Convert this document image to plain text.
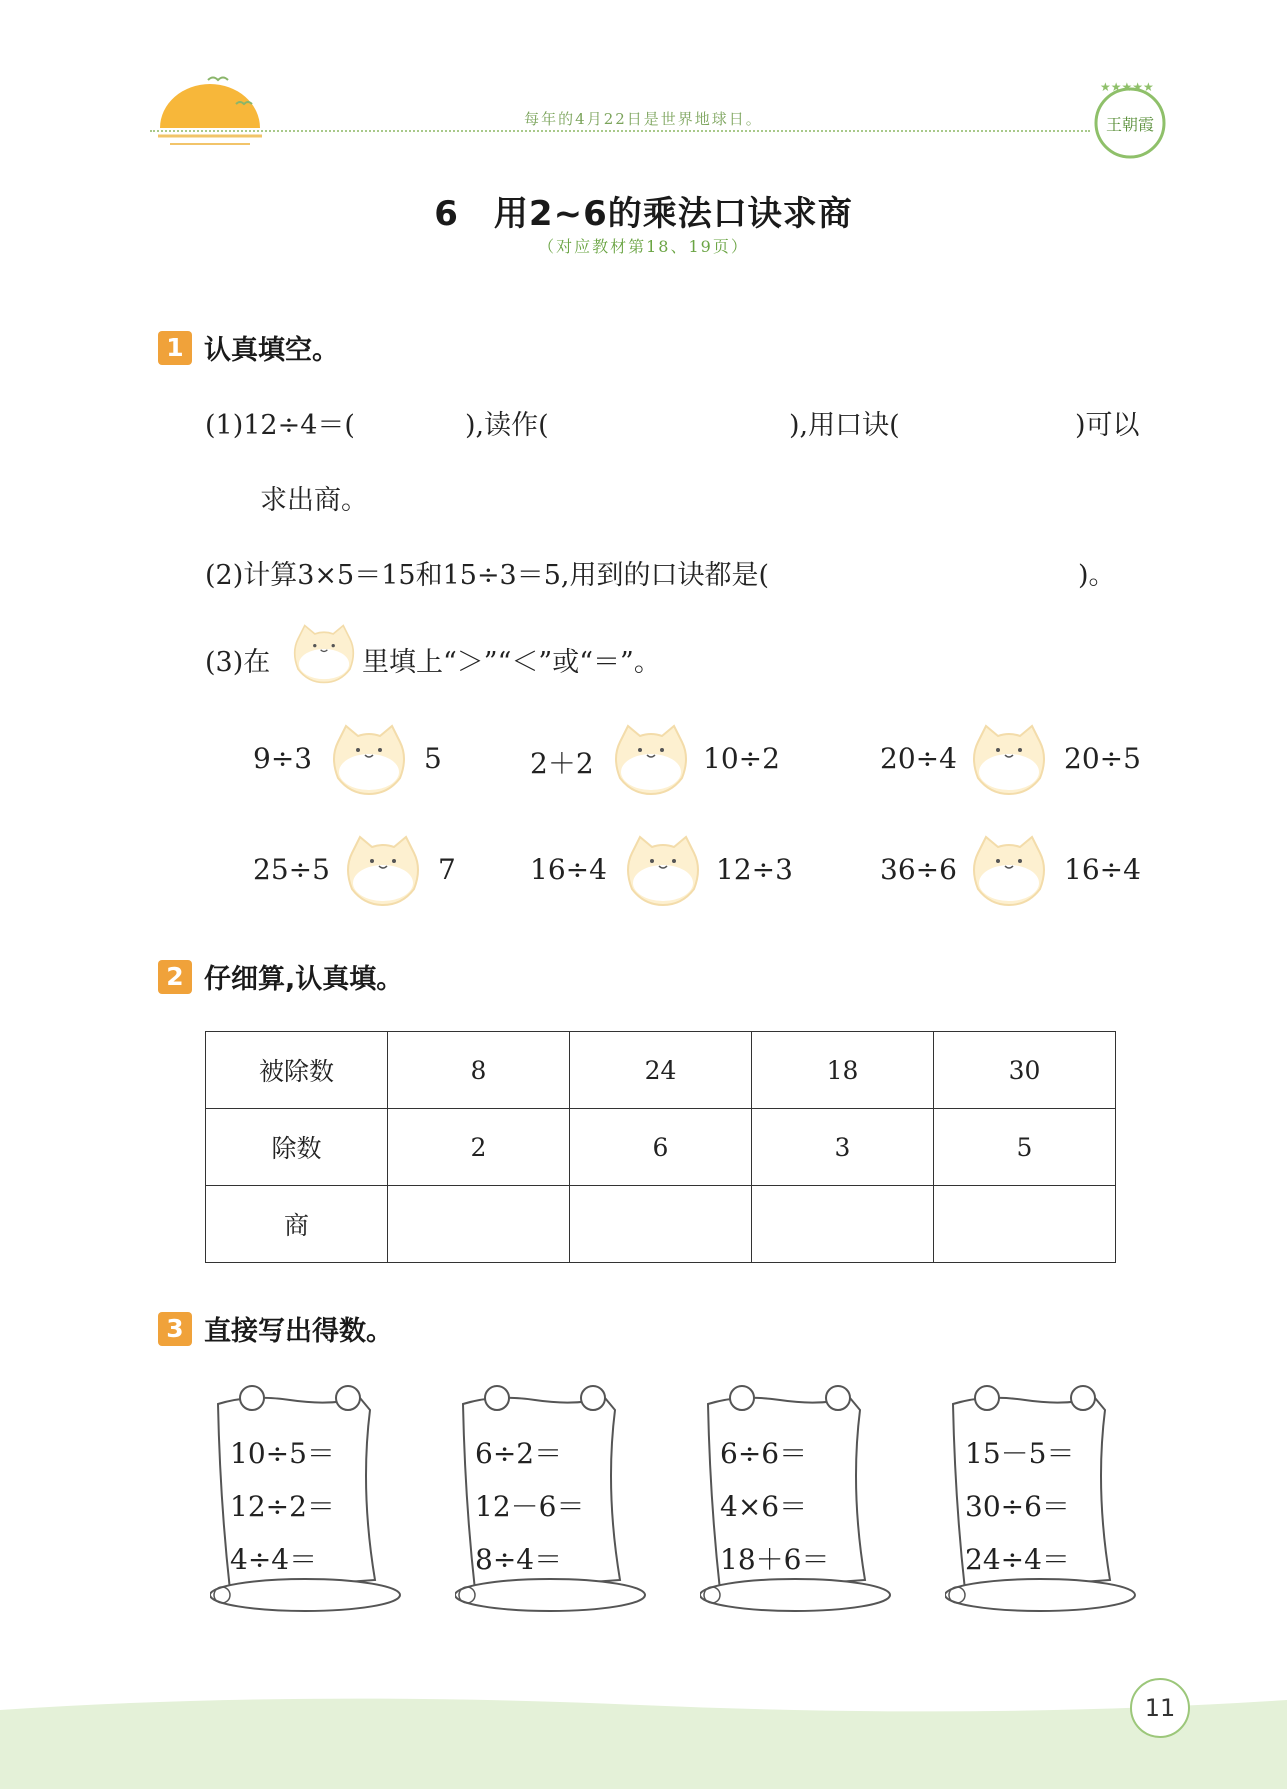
每年的4月22日是世界地球日。
★★★★★
王朝霞
6　用2~6的乘法口诀求商
（对应教材第18、19页）
1 认真填空。
(1)12÷4＝(	),读作(	),用口诀(	)可以
求出商。
(2)计算3×5＝15和15÷3＝5,用到的口诀都是(	)。
(3)在	里填上“＞”“＜”或“＝”。
9÷3	5	2＋2	10÷2	20÷4	20÷5
25÷5	7	16÷4	12÷3	36÷6	16÷4
2 仔细算,认真填。
被除数	8	24	18	30
除数	2	6	3	5
商				
3 直接写出得数。
10÷5＝
12÷2＝
4÷4＝
6÷2＝
12－6＝
8÷4＝
6÷6＝
4×6＝
18＋6＝
15－5＝
30÷6＝
24÷4＝
11
